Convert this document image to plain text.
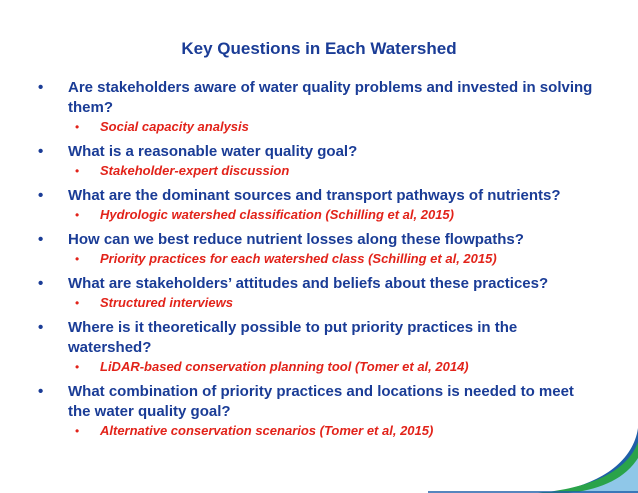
Key Questions in Each Watershed
•	Are stakeholders aware of water quality problems and invested in solving them?
•	Social capacity analysis
•	What is a reasonable water quality goal?
•	Stakeholder-expert discussion
•	What are the dominant sources and transport pathways of nutrients?
•	Hydrologic watershed classification (Schilling et al, 2015)
•	How can we best reduce nutrient losses along these flowpaths?
•	Priority practices for each watershed class (Schilling et al, 2015)
•	What are stakeholders’ attitudes and beliefs about these practices?
•	Structured interviews
•	Where is it theoretically possible to put priority practices in the watershed?
•	LiDAR-based conservation planning tool (Tomer et al, 2014)
•	What combination of priority practices and locations is needed to meet the water quality goal?
•	Alternative conservation scenarios (Tomer et al, 2015)
